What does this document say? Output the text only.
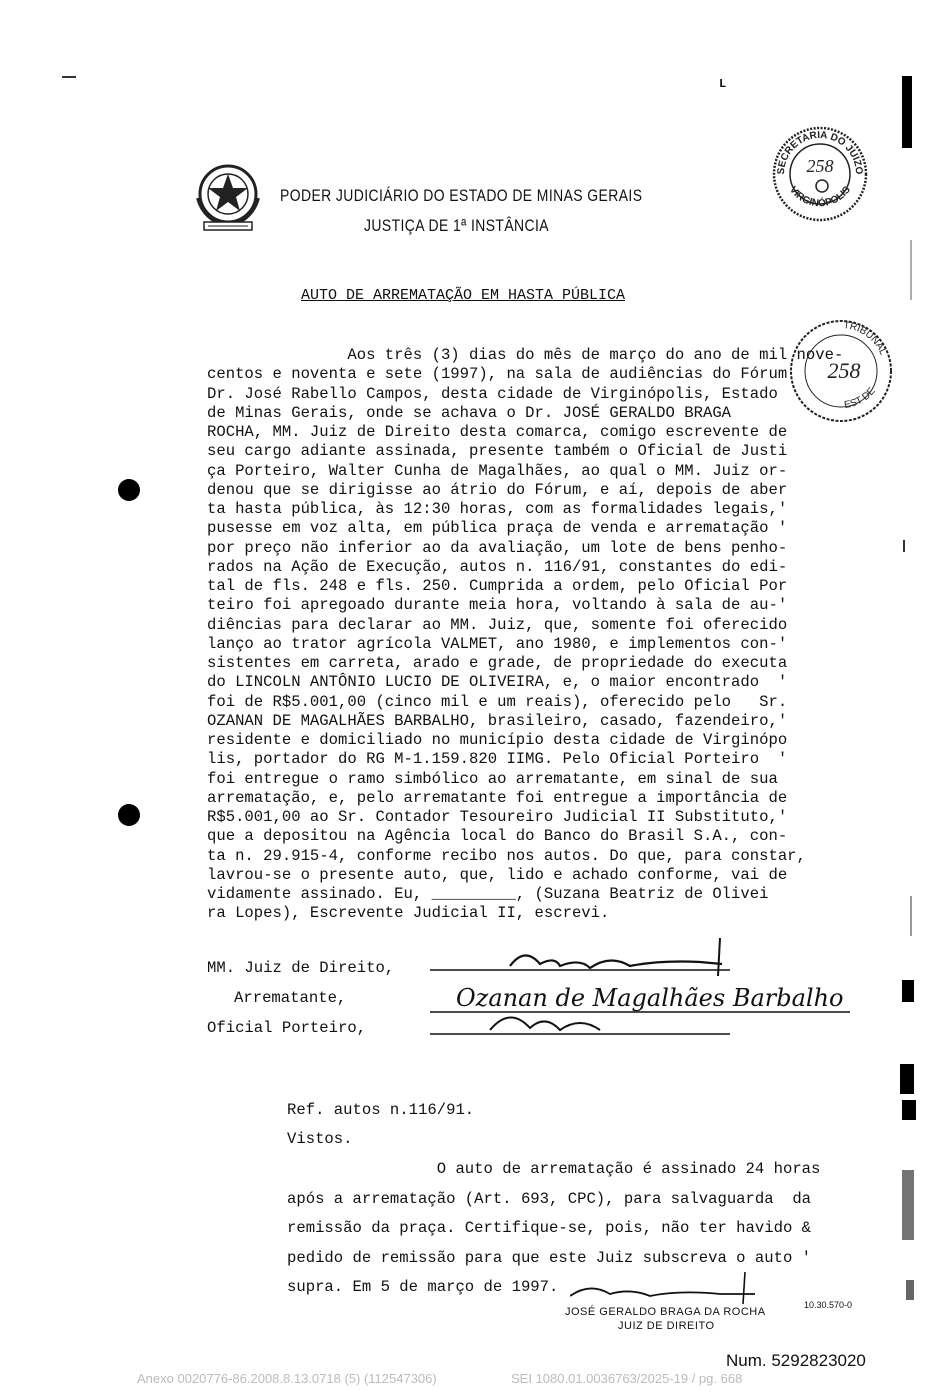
L
PODER JUDICIÁRIO DO ESTADO DE MINAS GERAIS
JUSTIÇA DE 1ª INSTÂNCIA
SECRETARIA DO JUIZO
VIRGINÓPOLIS
258
TRIBUNAL
EST DE
258
AUTO DE ARREMATAÇÃO EM HASTA PÚBLICA
Aos três (3) dias do mês de março do ano de mil nove-
centos e noventa e sete (1997), na sala de audiências do Fórum
Dr. José Rabello Campos, desta cidade de Virginópolis, Estado
de Minas Gerais, onde se achava o Dr. JOSÉ GERALDO BRAGA
ROCHA, MM. Juiz de Direito desta comarca, comigo escrevente de
seu cargo adiante assinada, presente também o Oficial de Justi
ça Porteiro, Walter Cunha de Magalhães, ao qual o MM. Juiz or-
denou que se dirigisse ao átrio do Fórum, e aí, depois de aber
ta hasta pública, às 12:30 horas, com as formalidades legais,'
pusesse em voz alta, em pública praça de venda e arrematação '
por preço não inferior ao da avaliação, um lote de bens penho-
rados na Ação de Execução, autos n. 116/91, constantes do edi-
tal de fls. 248 e fls. 250. Cumprida a ordem, pelo Oficial Por
teiro foi apregoado durante meia hora, voltando à sala de au-'
diências para declarar ao MM. Juiz, que, somente foi oferecido
lanço ao trator agrícola VALMET, ano 1980, e implementos con-'
sistentes em carreta, arado e grade, de propriedade do executa
do LINCOLN ANTÔNIO LUCIO DE OLIVEIRA, e, o maior encontrado  '
foi de R$5.001,00 (cinco mil e um reais), oferecido pelo   Sr.
OZANAN DE MAGALHÃES BARBALHO, brasileiro, casado, fazendeiro,'
residente e domiciliado no município desta cidade de Virginópo
lis, portador do RG M-1.159.820 IIMG. Pelo Oficial Porteiro  '
foi entregue o ramo simbólico ao arrematante, em sinal de sua
arrematação, e, pelo arrematante foi entregue a importância de
R$5.001,00 ao Sr. Contador Tesoureiro Judicial II Substituto,'
que a depositou na Agência local do Banco do Brasil S.A., con-
ta n. 29.915-4, conforme recibo nos autos. Do que, para constar,
lavrou-se o presente auto, que, lido e achado conforme, vai de
vidamente assinado. Eu, _________, (Suzana Beatriz de Olivei
ra Lopes), Escrevente Judicial II, escrevi.
MM. Juiz de Direito,
Arrematante,
Oficial Porteiro,
Ozanan de Magalhães Barbalho
Ref. autos n.116/91.
Vistos.
O auto de arrematação é assinado 24 horas
após a arrematação (Art. 693, CPC), para salvaguarda  da
remissão da praça. Certifique-se, pois, não ter havido &
pedido de remissão para que este Juiz subscreva o auto '
supra. Em 5 de março de 1997.
JOSÉ GERALDO BRAGA DA ROCHA
JUIZ DE DIREITO
10.30.570-0
Num. 5292823020
Anexo 0020776-86.2008.8.13.0718 (5) (112547306)	SEI 1080.01.0036763/2025-19 / pg. 668
